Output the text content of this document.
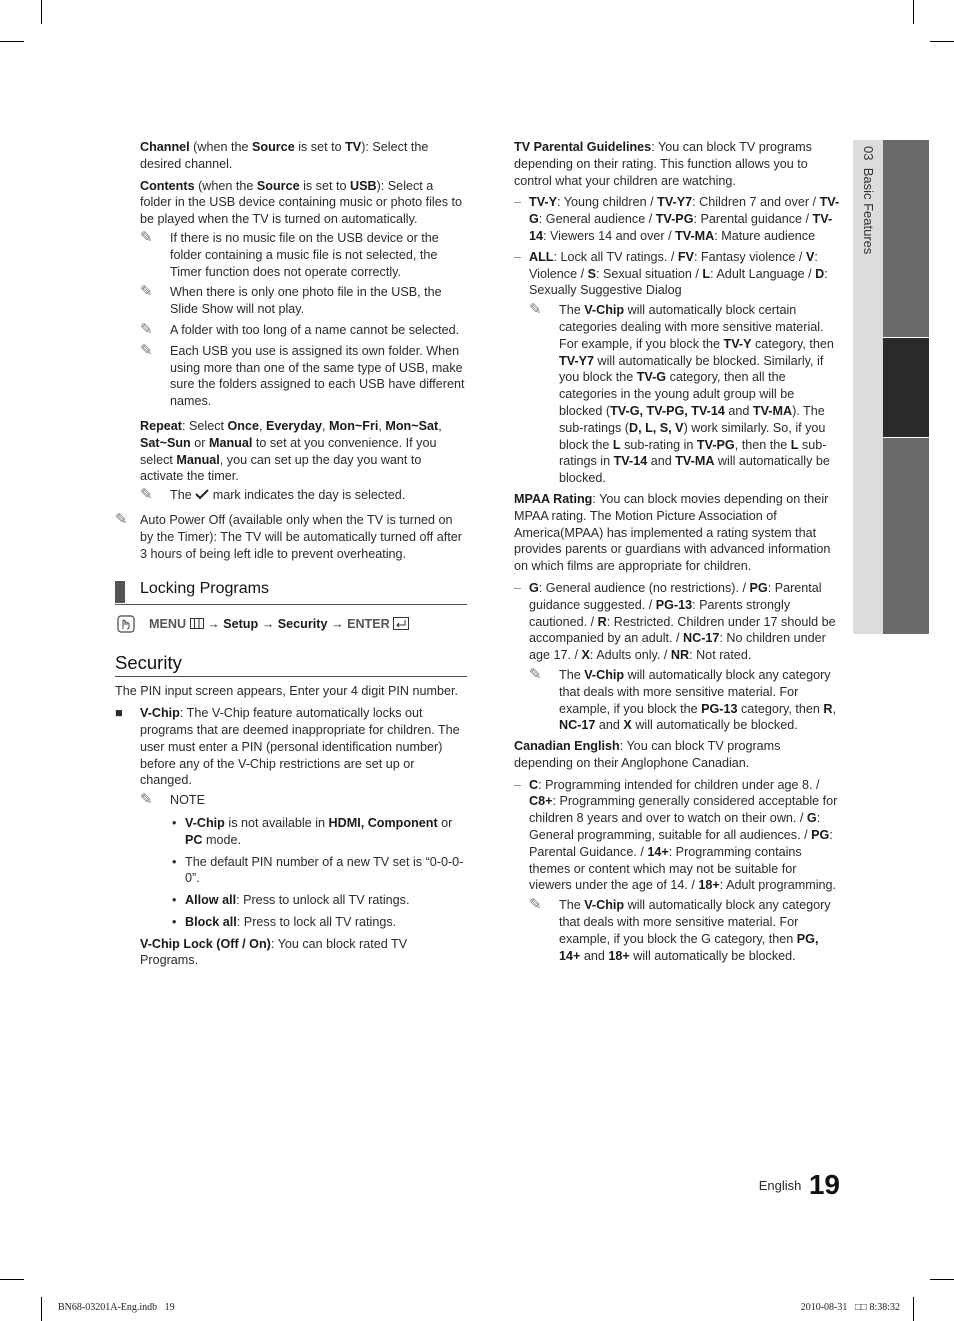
03  Basic Features

Channel (when the Source is set to TV): Select the desired channel.

Contents (when the Source is set to USB): Select a folder in the USB device containing music or photo files to be played when the TV is turned on automatically.

✎ If there is no music file on the USB device or the folder containing a music file is not selected, the Timer function does not operate correctly.
✎ When there is only one photo file in the USB, the Slide Show will not play.
✎ A folder with too long of a name cannot be selected.
✎ Each USB you use is assigned its own folder. When using more than one of the same type of USB, make sure the folders assigned to each USB have different names.

Repeat: Select Once, Everyday, Mon~Fri, Mon~Sat, Sat~Sun or Manual to set at you convenience. If you select Manual, you can set up the day you want to activate the timer.

✎ The mark indicates the day is selected.
✎ Auto Power Off (available only when the TV is turned on by the Timer): The TV will be automatically turned off after 3 hours of being left idle to prevent overheating.
Locking Programs
MENU → Setup → Security → ENTER
Security

The PIN input screen appears, Enter your 4 digit PIN number.

■ V-Chip: The V-Chip feature automatically locks out programs that are deemed inappropriate for children. The user must enter a PIN (personal identification number) before any of the V-Chip restrictions are set up or changed.
✎ NOTE
• V-Chip is not available in HDMI, Component or PC mode.
• The default PIN number of a new TV set is “0-0-0-0”.
• Allow all: Press to unlock all TV ratings.
• Block all: Press to lock all TV ratings.

V-Chip Lock (Off / On): You can block rated TV Programs.

TV Parental Guidelines: You can block TV programs depending on their rating. This function allows you to control what your children are watching.

– TV-Y: Young children / TV-Y7: Children 7 and over / TV-G: General audience / TV-PG: Parental guidance / TV-14: Viewers 14 and over / TV-MA: Mature audience
– ALL: Lock all TV ratings. / FV: Fantasy violence / V: Violence / S: Sexual situation / L: Adult Language / D: Sexually Suggestive Dialog
✎ The V-Chip will automatically block certain categories dealing with more sensitive material. For example, if you block the TV-Y category, then TV-Y7 will automatically be blocked. Similarly, if you block the TV-G category, then all the categories in the young adult group will be blocked (TV-G, TV-PG, TV-14 and TV-MA). The sub-ratings (D, L, S, V) work similarly. So, if you block the L sub-rating in TV-PG, then the L sub-ratings in TV-14 and TV-MA will automatically be blocked.

MPAA Rating: You can block movies depending on their MPAA rating. The Motion Picture Association of America(MPAA) has implemented a rating system that provides parents or guardians with advanced information on which films are appropriate for children.

– G: General audience (no restrictions). / PG: Parental guidance suggested. / PG-13: Parents strongly cautioned. / R: Restricted. Children under 17 should be accompanied by an adult. / NC-17: No children under age 17. / X: Adults only. / NR: Not rated.
✎ The V-Chip will automatically block any category that deals with more sensitive material. For example, if you block the PG-13 category, then R, NC-17 and X will automatically be blocked.

Canadian English: You can block TV programs depending on their Anglophone Canadian.

– C: Programming intended for children under age 8. / C8+: Programming generally considered acceptable for children 8 years and over to watch on their own. / G: General programming, suitable for all audiences. / PG: Parental Guidance. / 14+: Programming contains themes or content which may not be suitable for viewers under the age of 14. / 18+: Adult programming.
✎ The V-Chip will automatically block any category that deals with more sensitive material. For example, if you block the G category, then PG, 14+ and 18+ will automatically be blocked.
English 19
BN68-03201A-Eng.indb   19	2010-08-31   □□ 8:38:32
